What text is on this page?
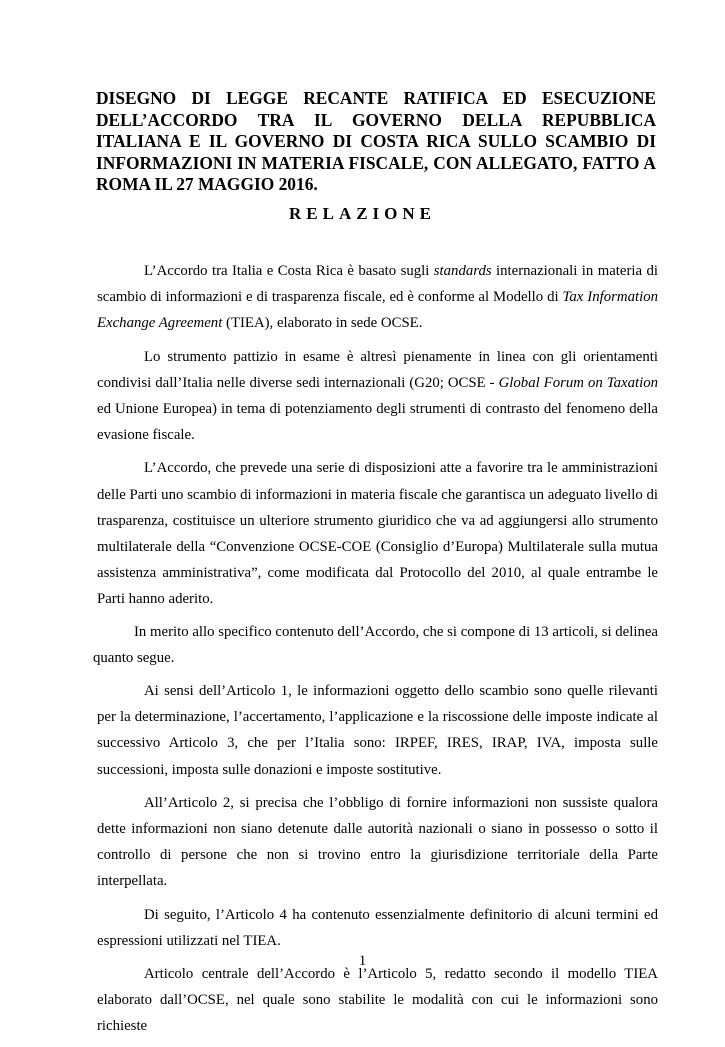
DISEGNO DI LEGGE RECANTE RATIFICA ED ESECUZIONE DELL’ACCORDO TRA IL GOVERNO DELLA REPUBBLICA ITALIANA E IL GOVERNO DI COSTA RICA SULLO SCAMBIO DI INFORMAZIONI IN MATERIA FISCALE, CON ALLEGATO, FATTO A ROMA IL 27 MAGGIO 2016.
RELAZIONE

L’Accordo tra Italia e Costa Rica è basato sugli standards internazionali in materia di scambio di informazioni e di trasparenza fiscale, ed è conforme al Modello di Tax Information Exchange Agreement (TIEA), elaborato in sede OCSE.

Lo strumento pattizio in esame è altresì pienamente in linea con gli orientamenti condivisi dall’Italia nelle diverse sedi internazionali (G20; OCSE - Global Forum on Taxation ed Unione Europea) in tema di potenziamento degli strumenti di contrasto del fenomeno della evasione fiscale.

L’Accordo, che prevede una serie di disposizioni atte a favorire tra le amministrazioni delle Parti uno scambio di informazioni in materia fiscale che garantisca un adeguato livello di trasparenza, costituisce un ulteriore strumento giuridico che va ad aggiungersi allo strumento multilaterale della “Convenzione OCSE-COE (Consiglio d’Europa) Multilaterale sulla mutua assistenza amministrativa”, come modificata dal Protocollo del 2010, al quale entrambe le Parti hanno aderito.

In merito allo specifico contenuto dell’Accordo, che si compone di 13 articoli, si delinea quanto segue.

Ai sensi dell’Articolo 1, le informazioni oggetto dello scambio sono quelle rilevanti per la determinazione, l’accertamento, l’applicazione e la riscossione delle imposte indicate al successivo Articolo 3, che per l’Italia sono: IRPEF, IRES, IRAP, IVA, imposta sulle successioni, imposta sulle donazioni e imposte sostitutive.

All’Articolo 2, si precisa che l’obbligo di fornire informazioni non sussiste qualora dette informazioni non siano detenute dalle autorità nazionali o siano in possesso o sotto il controllo di persone che non si trovino entro la giurisdizione territoriale della Parte interpellata.

Di seguito, l’Articolo 4 ha contenuto essenzialmente definitorio di alcuni termini ed espressioni utilizzati nel TIEA.

Articolo centrale dell’Accordo è l’Articolo 5, redatto secondo il modello TIEA elaborato dall’OCSE, nel quale sono stabilite le modalità con cui le informazioni sono richieste

1
